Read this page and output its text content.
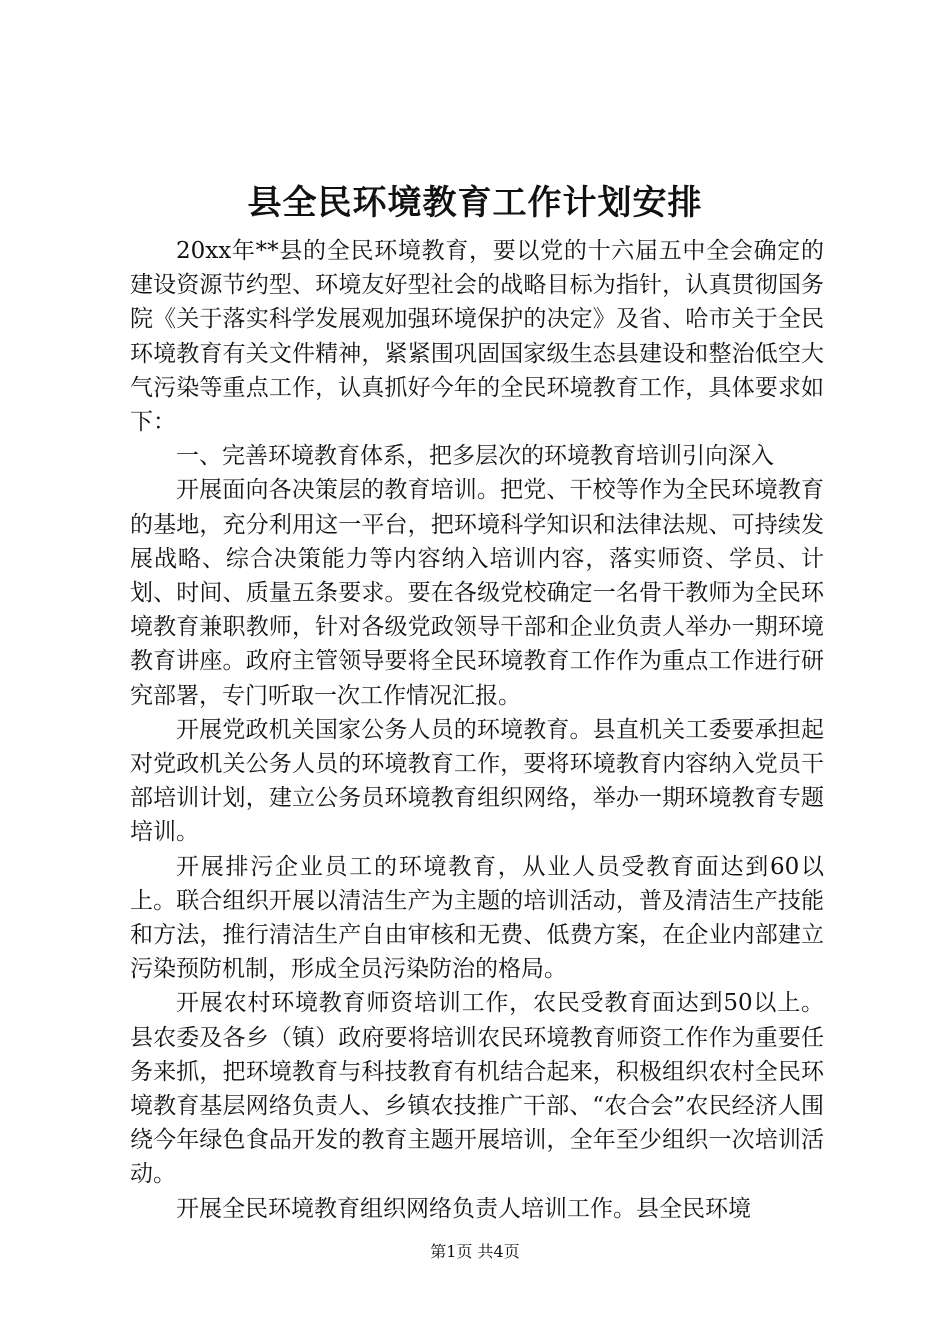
县全民环境教育工作计划安排

20xx年**县的全民环境教育，要以党的十六届五中全会确定的建设资源节约型、环境友好型社会的战略目标为指针，认真贯彻国务院《关于落实科学发展观加强环境保护的决定》及省、哈市关于全民环境教育有关文件精神，紧紧围巩固国家级生态县建设和整治低空大气污染等重点工作，认真抓好今年的全民环境教育工作，具体要求如下：

一、完善环境教育体系，把多层次的环境教育培训引向深入

开展面向各决策层的教育培训。把党、干校等作为全民环境教育的基地，充分利用这一平台，把环境科学知识和法律法规、可持续发展战略、综合决策能力等内容纳入培训内容，落实师资、学员、计划、时间、质量五条要求。要在各级党校确定一名骨干教师为全民环境教育兼职教师，针对各级党政领导干部和企业负责人举办一期环境教育讲座。政府主管领导要将全民环境教育工作作为重点工作进行研究部署，专门听取一次工作情况汇报。

开展党政机关国家公务人员的环境教育。县直机关工委要承担起对党政机关公务人员的环境教育工作，要将环境教育内容纳入党员干部培训计划，建立公务员环境教育组织网络，举办一期环境教育专题培训。

开展排污企业员工的环境教育，从业人员受教育面达到60以上。联合组织开展以清洁生产为主题的培训活动，普及清洁生产技能和方法，推行清洁生产自由审核和无费、低费方案，在企业内部建立污染预防机制，形成全员污染防治的格局。

开展农村环境教育师资培训工作，农民受教育面达到50以上。县农委及各乡（镇）政府要将培训农民环境教育师资工作作为重要任务来抓，把环境教育与科技教育有机结合起来，积极组织农村全民环境教育基层网络负责人、乡镇农技推广干部、“农合会”农民经济人围绕今年绿色食品开发的教育主题开展培训，全年至少组织一次培训活动。

开展全民环境教育组织网络负责人培训工作。县全民环境

第1页 共4页
